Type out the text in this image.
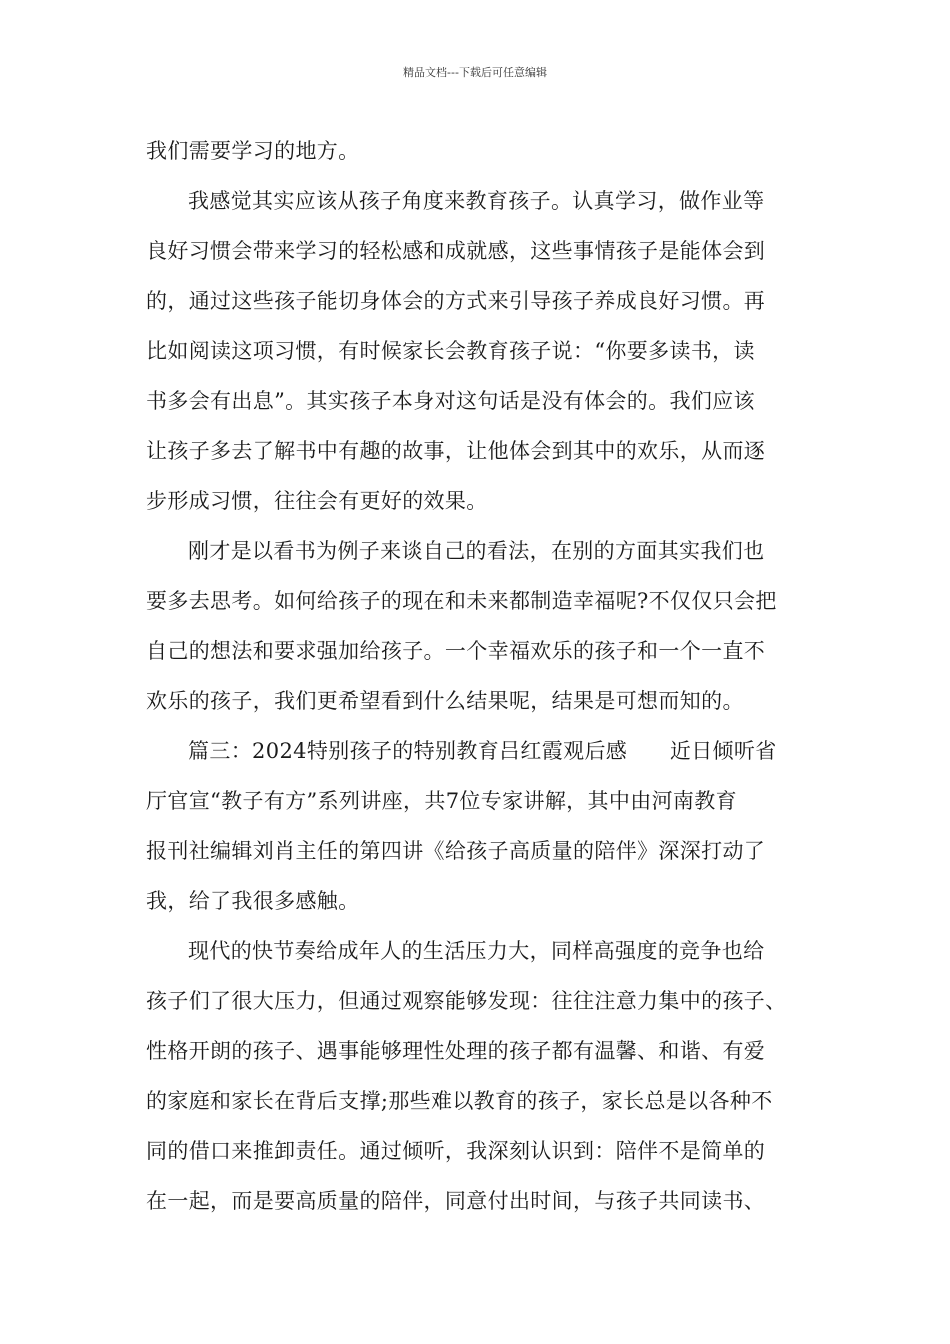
精品文档---下载后可任意编辑
我们需要学习的地方。
我感觉其实应该从孩子角度来教育孩子。认真学习，做作业等
良好习惯会带来学习的轻松感和成就感，这些事情孩子是能体会到
的，通过这些孩子能切身体会的方式来引导孩子养成良好习惯。再
比如阅读这项习惯，有时候家长会教育孩子说：“你要多读书，读
书多会有出息”。其实孩子本身对这句话是没有体会的。我们应该
让孩子多去了解书中有趣的故事，让他体会到其中的欢乐，从而逐
步形成习惯，往往会有更好的效果。
刚才是以看书为例子来谈自己的看法，在别的方面其实我们也
要多去思考。如何给孩子的现在和未来都制造幸福呢?不仅仅只会把
自己的想法和要求强加给孩子。一个幸福欢乐的孩子和一个一直不
欢乐的孩子，我们更希望看到什么结果呢，结果是可想而知的。
篇三：2024特别孩子的特别教育吕红霞观后感　　近日倾听省
厅官宣“教子有方”系列讲座，共7位专家讲解，其中由河南教育
报刊社编辑刘肖主任的第四讲《给孩子高质量的陪伴》深深打动了
我，给了我很多感触。
现代的快节奏给成年人的生活压力大，同样高强度的竞争也给
孩子们了很大压力，但通过观察能够发现：往往注意力集中的孩子、
性格开朗的孩子、遇事能够理性处理的孩子都有温馨、和谐、有爱
的家庭和家长在背后支撑;那些难以教育的孩子，家长总是以各种不
同的借口来推卸责任。通过倾听，我深刻认识到：陪伴不是简单的
在一起，而是要高质量的陪伴，同意付出时间，与孩子共同读书、
